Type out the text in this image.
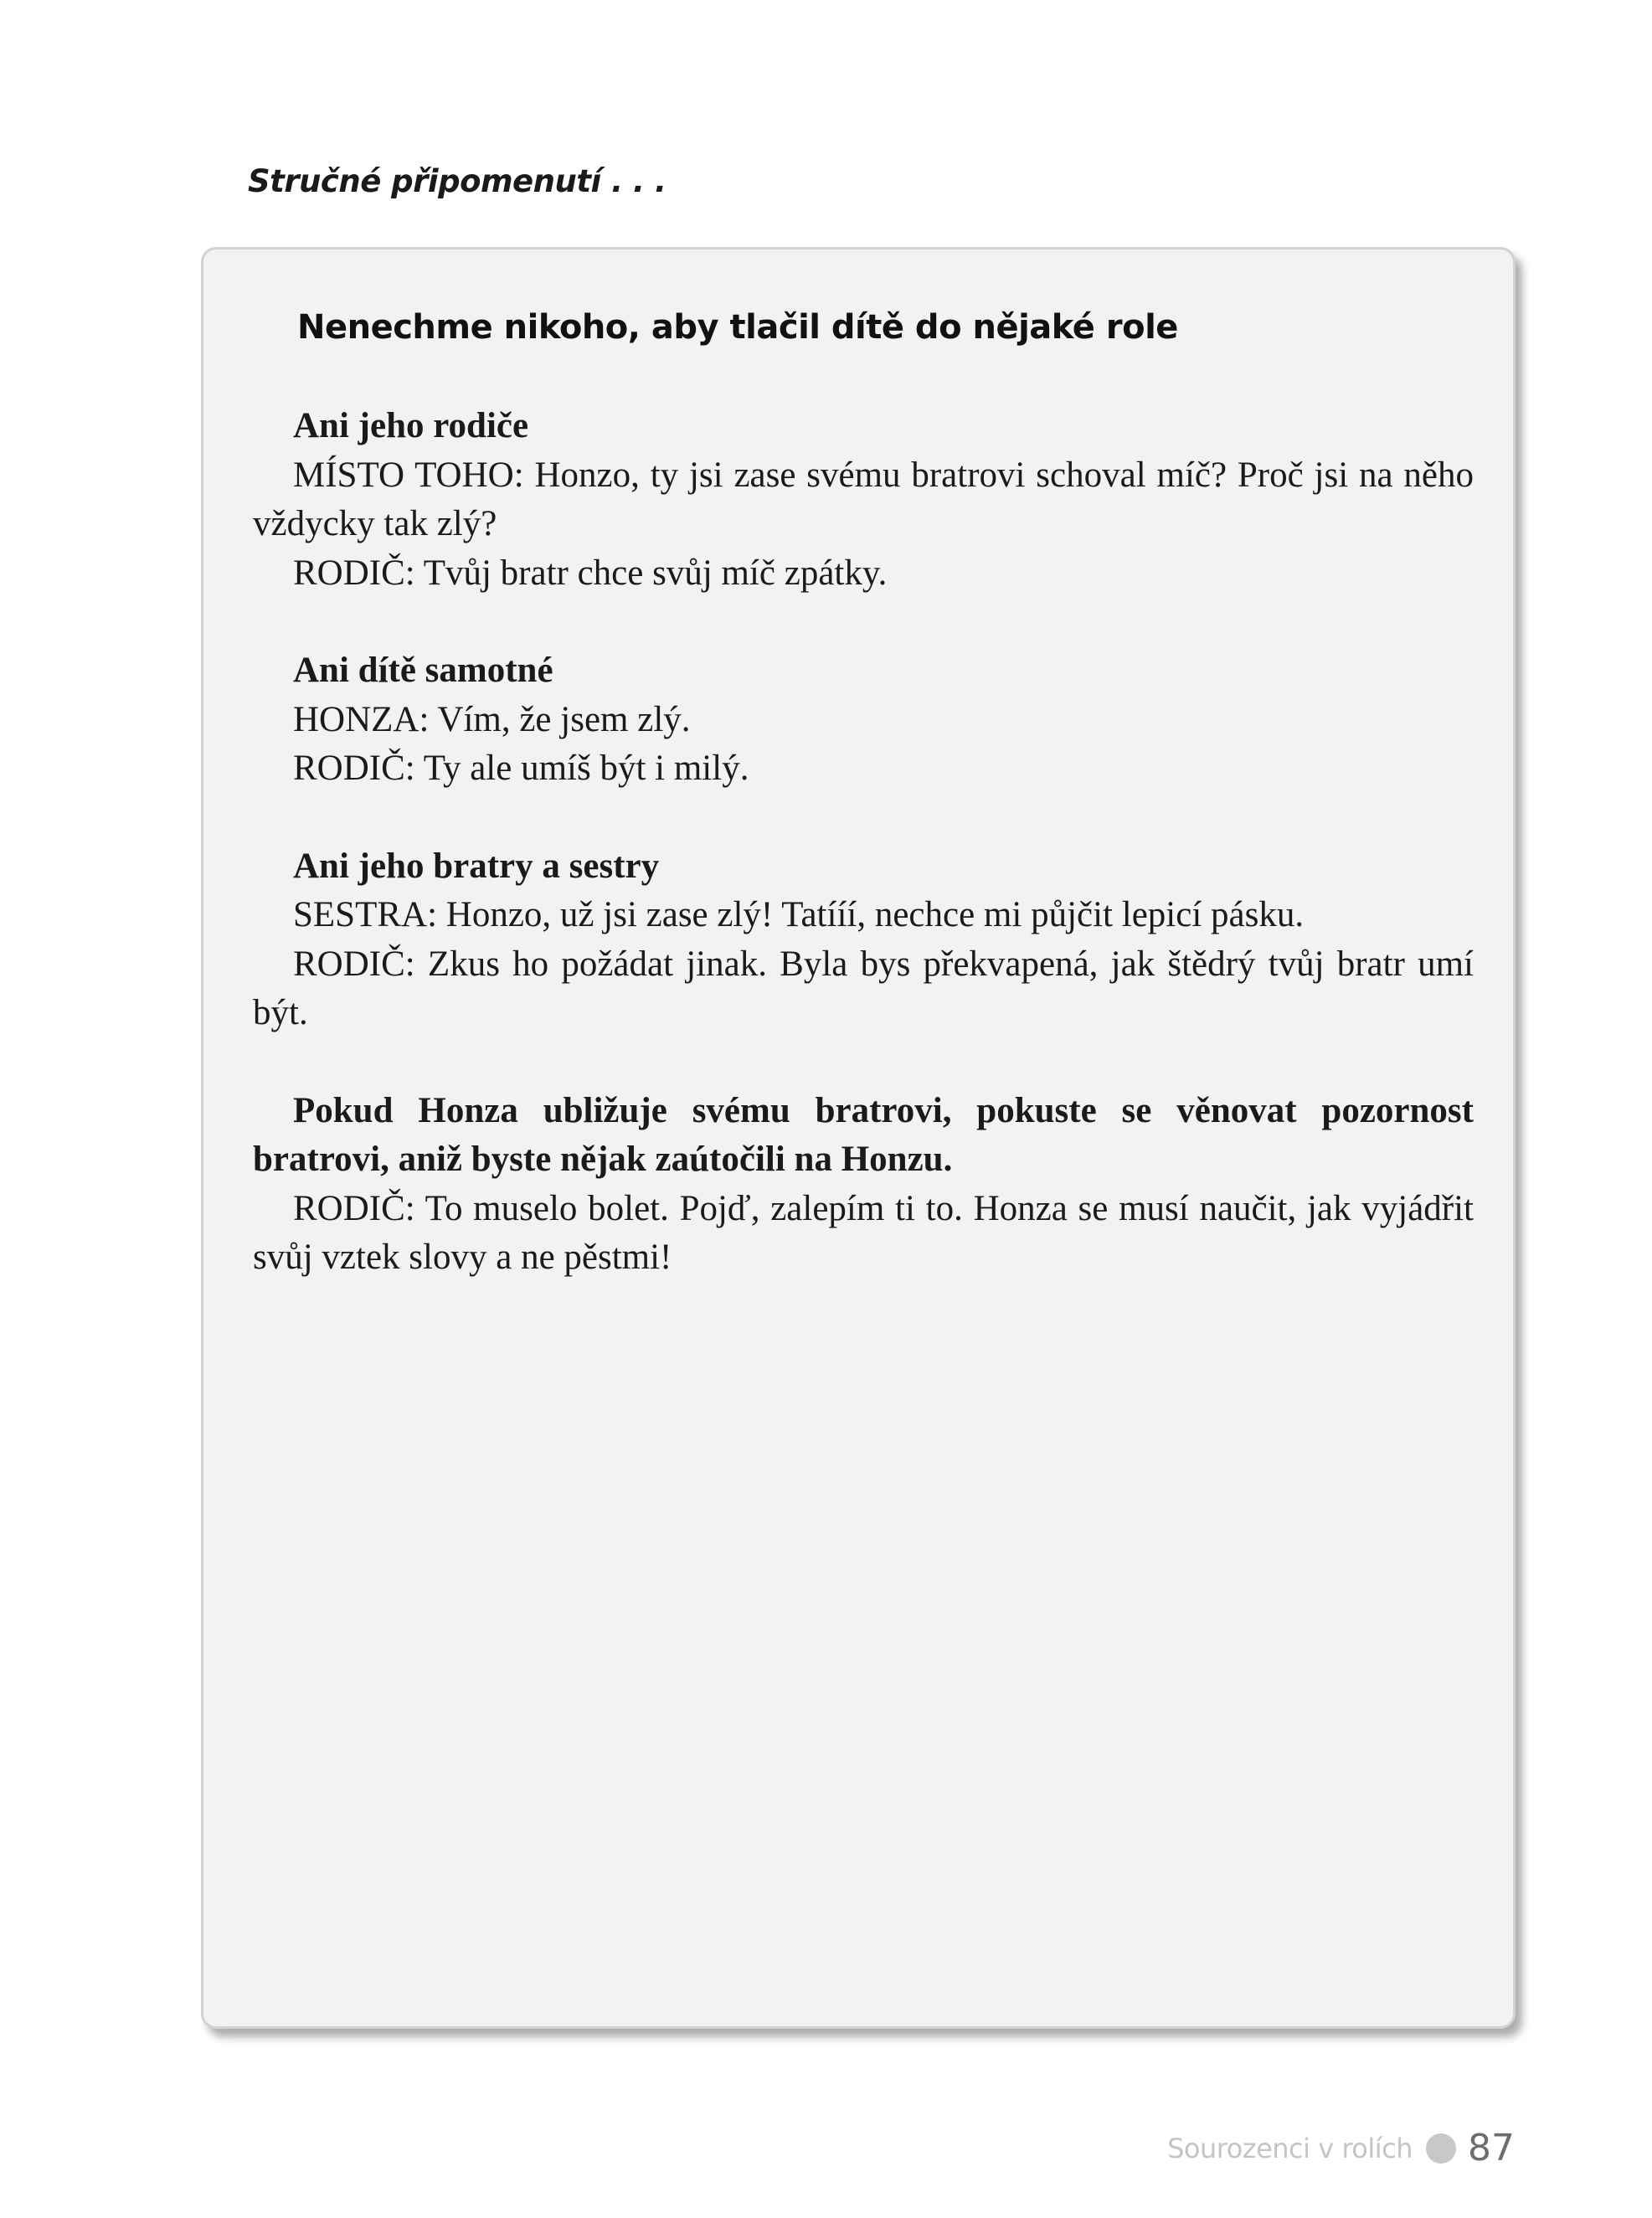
Stručné připomenutí . . .
Nenechme nikoho, aby tlačil dítě do nějaké role

Ani jeho rodiče

MÍSTO TOHO: Honzo, ty jsi zase svému bratrovi schoval míč? Proč jsi na něho vždycky tak zlý?

RODIČ: Tvůj bratr chce svůj míč zpátky.

Ani dítě samotné

HONZA: Vím, že jsem zlý.

RODIČ: Ty ale umíš být i milý.

Ani jeho bratry a sestry

SESTRA: Honzo, už jsi zase zlý! Tatííí, nechce mi půjčit lepicí pásku.

RODIČ: Zkus ho požádat jinak. Byla bys překvapená, jak štědrý tvůj bratr umí být.

Pokud Honza ubližuje svému bratrovi, pokuste se věnovat pozornost bratrovi, aniž byste nějak zaútočili na Honzu.

RODIČ: To muselo bolet. Pojď, zalepím ti to. Honza se musí naučit, jak vyjádřit svůj vztek slovy a ne pěstmi!

Sourozenci v rolích 87
